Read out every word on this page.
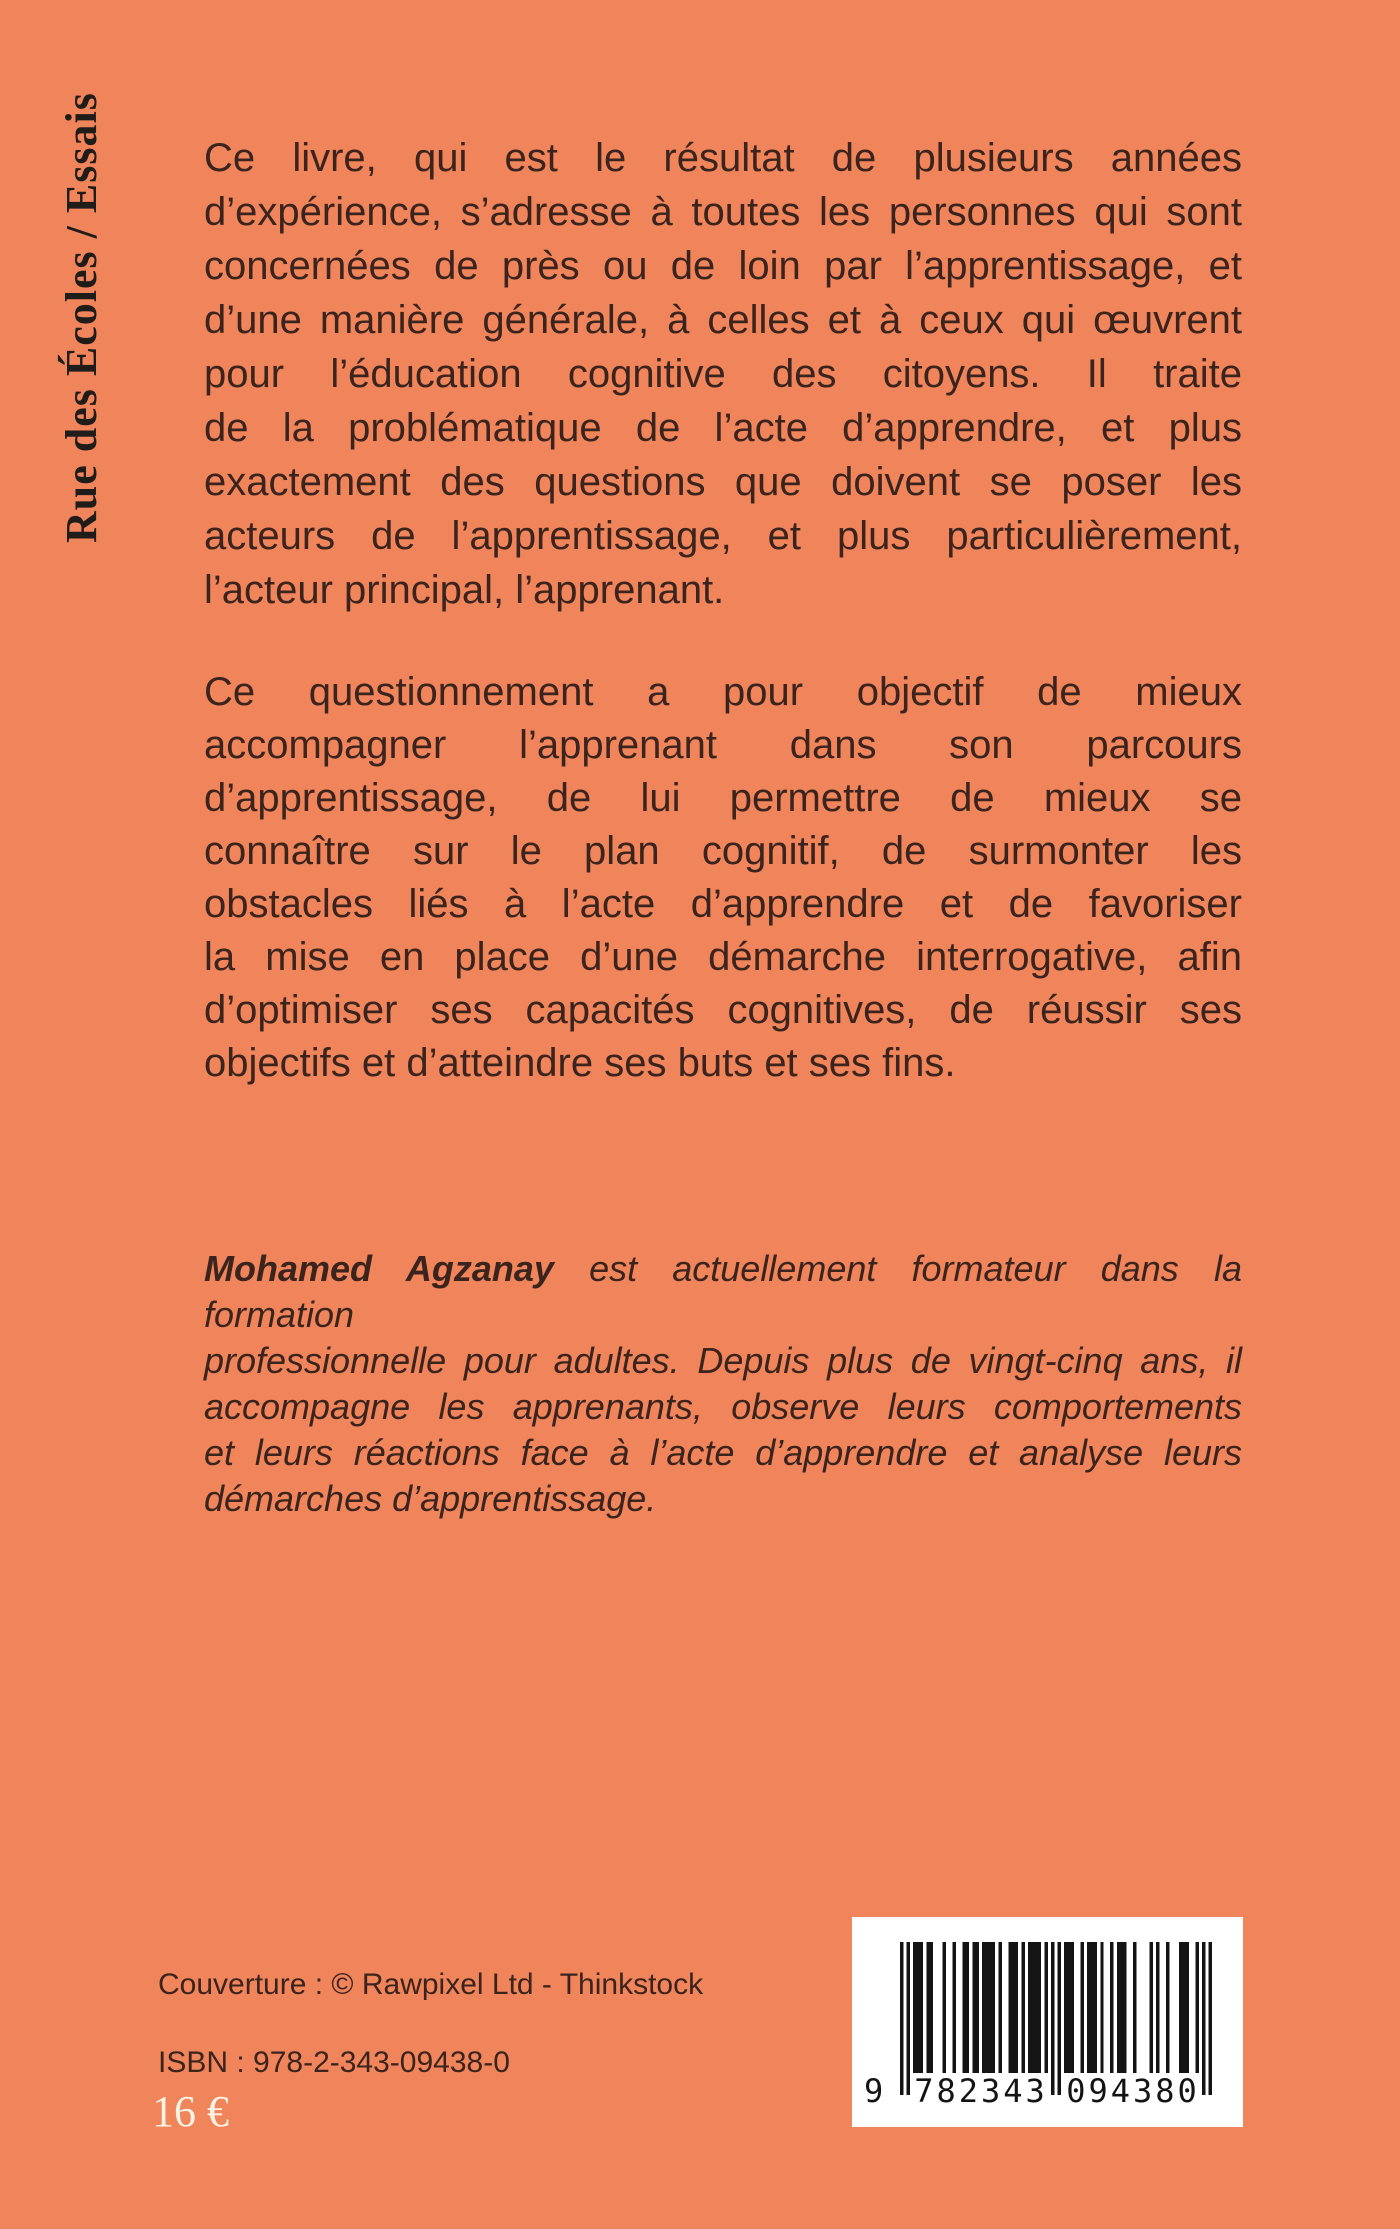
Rue des Écoles / Essais Ce livre, qui est le résultat de plusieurs années
d’expérience, s’adresse à toutes les personnes qui sont
concernées de près ou de loin par l’apprentissage, et
d’une manière générale, à celles et à ceux qui œuvrent
pour l’éducation cognitive des citoyens. Il traite
de la problématique de l’acte d’apprendre, et plus
exactement des questions que doivent se poser les
acteurs de l’apprentissage, et plus particulièrement,
l’acteur principal, l’apprenant.
Ce questionnement a pour objectif de mieux
accompagner l’apprenant dans son parcours
d’apprentissage, de lui permettre de mieux se
connaître sur le plan cognitif, de surmonter les
obstacles liés à l’acte d’apprendre et de favoriser
la mise en place d’une démarche interrogative, afin
d’optimiser ses capacités cognitives, de réussir ses
objectifs et d’atteindre ses buts et ses fins.
Mohamed Agzanay est actuellement formateur dans la formation
professionnelle pour adultes. Depuis plus de vingt-cinq ans, il
accompagne les apprenants, observe leurs comportements
et leurs réactions face à l’acte d’apprendre et analyse leurs
démarches d’apprentissage.
Couverture : © Rawpixel Ltd - Thinkstock
ISBN : 978-2-343-09438-0
16 €	9 782343 094380
